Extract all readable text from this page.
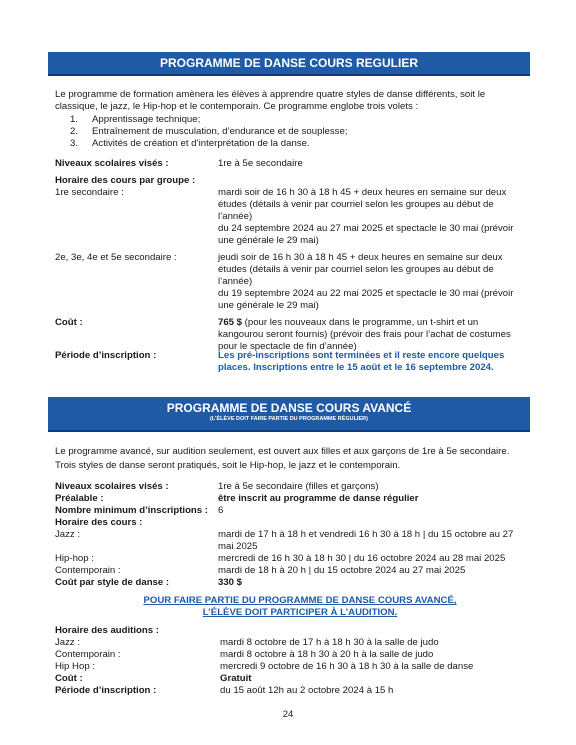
PROGRAMME DE DANSE COURS REGULIER
Le programme de formation amènera les élèves à apprendre quatre styles de danse différents, soit le classique, le jazz, le Hip-hop et le contemporain. Ce programme englobe trois volets :
1. Apprentissage technique;
2. Entraînement de musculation, d’endurance et de souplesse;
3. Activités de création et d’interprétation de la danse.
Niveaux scolaires visés :	1re à 5e secondaire
Horaire des cours par groupe :
1re secondaire :	mardi soir de 16 h 30 à 18 h 45 + deux heures en semaine sur deux études (détails à venir par courriel selon les groupes au début de l’année)
du 24 septembre 2024 au 27 mai 2025 et spectacle le 30 mai (prévoir une générale le 29 mai)
2e, 3e, 4e et 5e secondaire :	jeudi soir de 16 h 30 à 18 h 45 + deux heures en semaine sur deux études (détails à venir par courriel selon les groupes au début de l’année)
du 19 septembre 2024 au 22 mai 2025 et spectacle le 30 mai (prévoir une générale le 29 mai)
Coût :	765 $ (pour les nouveaux dans le programme, un t-shirt et un kangourou seront fournis) (prévoir des frais pour l’achat de costumes pour le spectacle de fin d’année)
Période d’inscription :	Les pré-inscriptions sont terminées et il reste encore quelques places. Inscriptions entre le 15 août et le 16 septembre 2024.
PROGRAMME DE DANSE COURS AVANCÉ
(L’ÉLÈVE DOIT FAIRE PARTIE DU PROGRAMME RÉGULIER)
Le programme avancé, sur audition seulement, est ouvert aux filles et aux garçons de 1re à 5e secondaire.
Trois styles de danse seront pratiqués, soit le Hip-hop, le jazz et le contemporain.
Niveaux scolaires visés :	1re à 5e secondaire (filles et garçons)
Préalable :	être inscrit au programme de danse régulier
Nombre minimum d’inscriptions : 6
Horaire des cours :
Jazz :	mardi de 17 h à 18 h et vendredi 16 h 30 à 18 h | du 15 octobre au 27 mai 2025
Hip-hop :	mercredi de 16 h 30 à 18 h 30 | du 16 octobre 2024 au 28 mai 2025
Contemporain :	mardi de 18 h à 20 h | du 15 octobre 2024 au 27 mai 2025
Coût par style de danse :	330 $
POUR FAIRE PARTIE DU PROGRAMME DE DANSE COURS AVANCÉ,
L’ÉLÈVE DOIT PARTICIPER À L’AUDITION.
Horaire des auditions :
Jazz :	mardi 8 octobre de 17 h à 18 h 30 à la salle de judo
Contemporain :	mardi 8 octobre à 18 h 30 à 20 h à la salle de judo
Hip Hop :	mercredi 9 octobre de 16 h 30 à 18 h 30 à la salle de danse
Coût :	Gratuit
Période d’inscription :	du 15 août 12h au 2 octobre 2024 à 15 h
24
